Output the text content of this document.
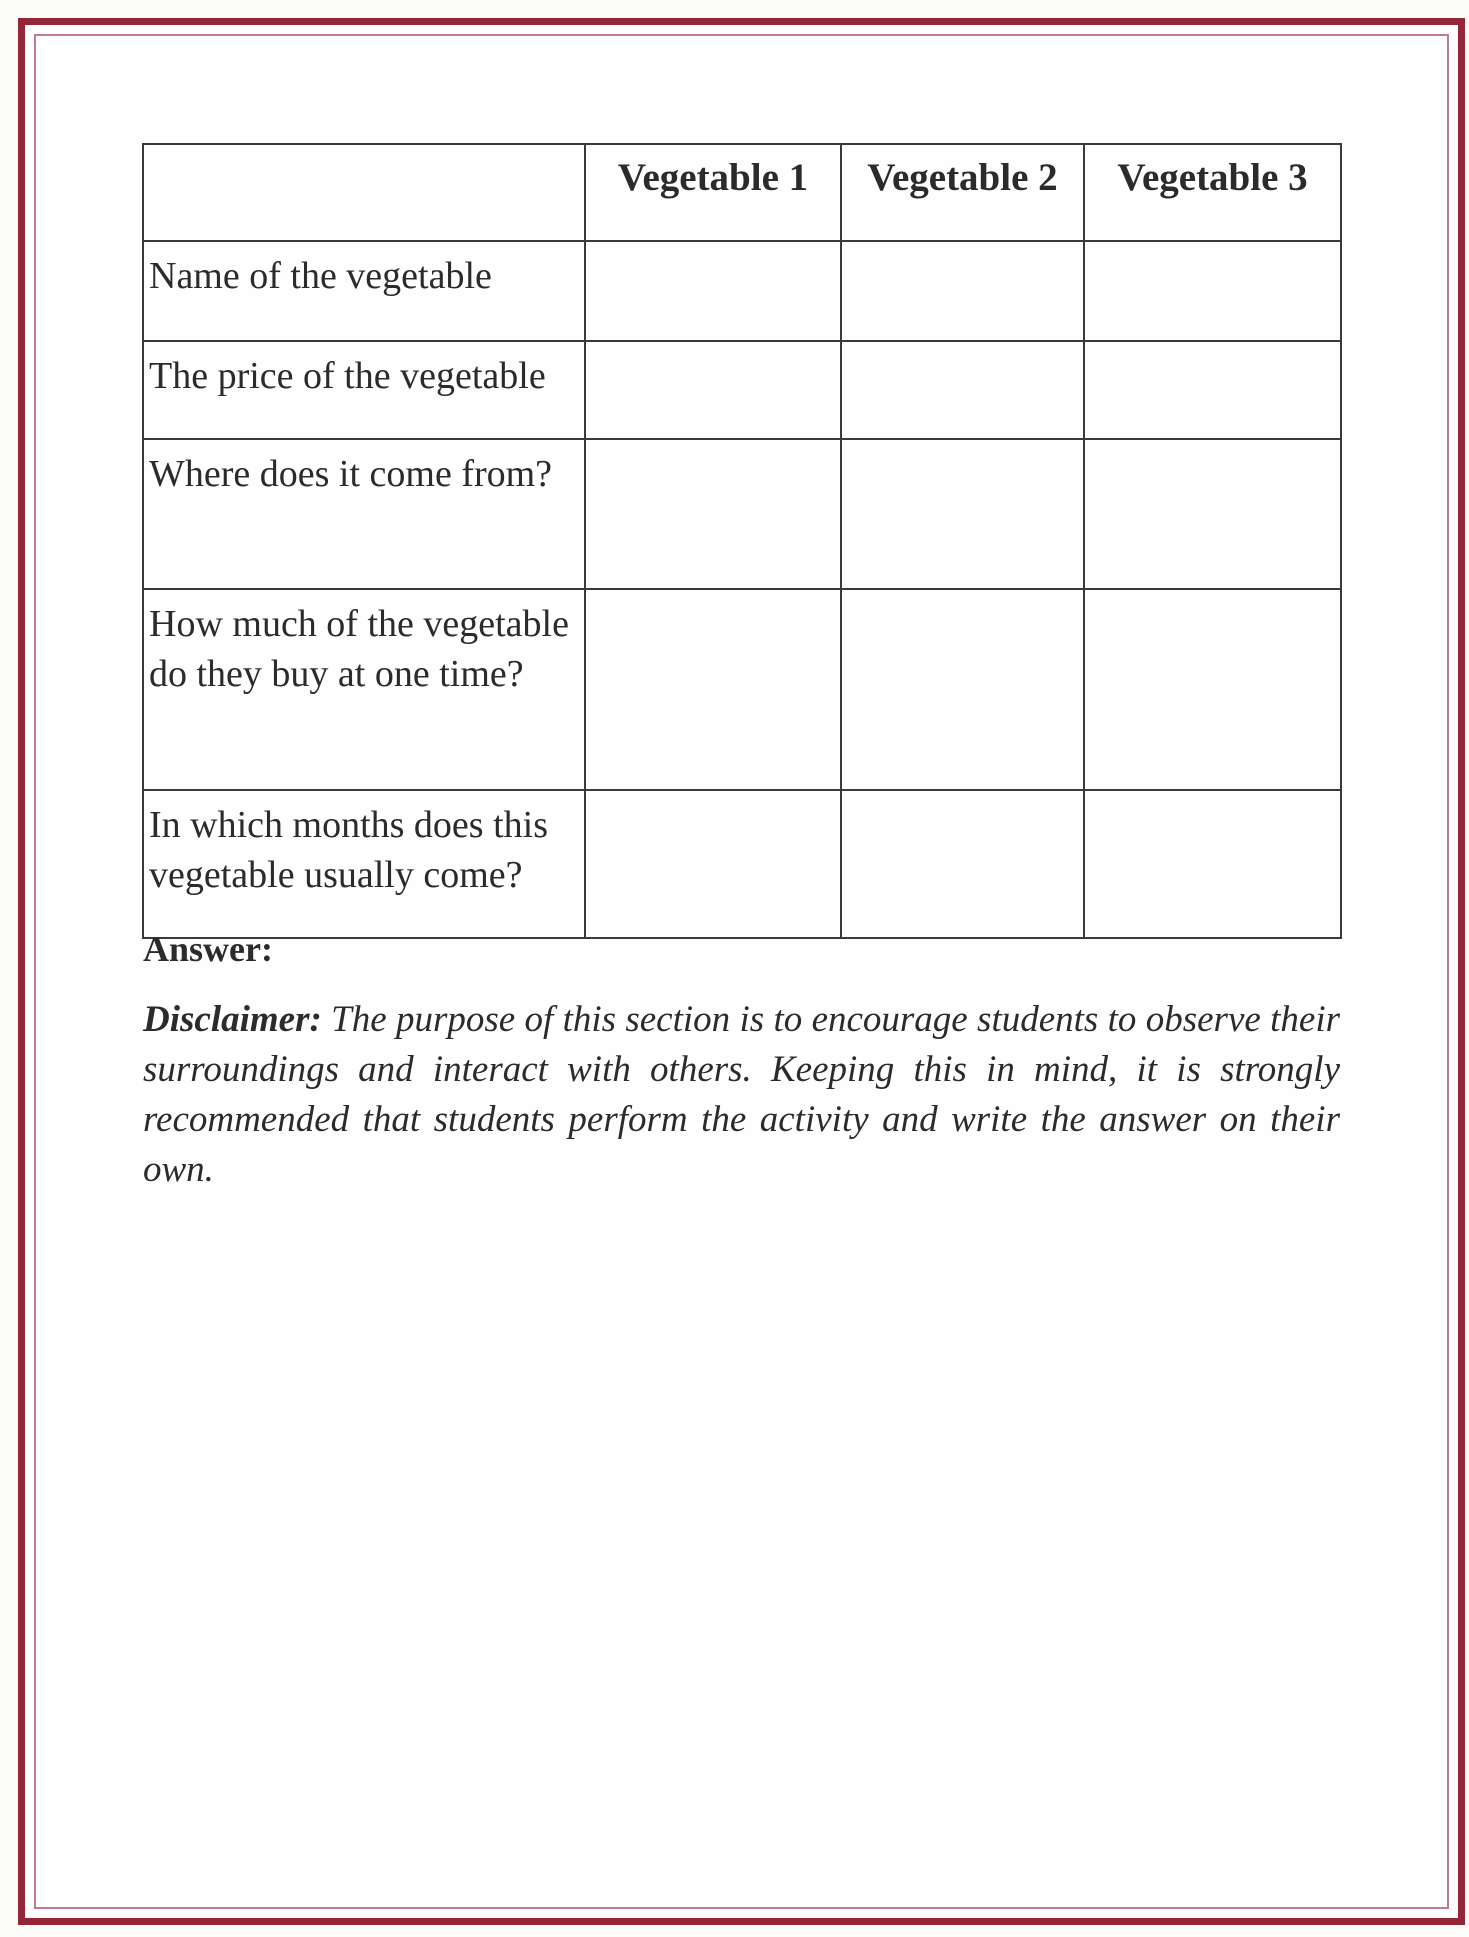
	Vegetable 1	Vegetable 2	Vegetable 3
Name of the vegetable			
The price of the vegetable			
Where does it come from?			
How much of the vegetable do they buy at one time?			
In which months does this vegetable usually come?			
Answer:
Disclaimer: The purpose of this section is to encourage students to observe their surroundings and interact with others. Keeping this in mind, it is strongly recommended that students perform the activity and write the answer on their own.
